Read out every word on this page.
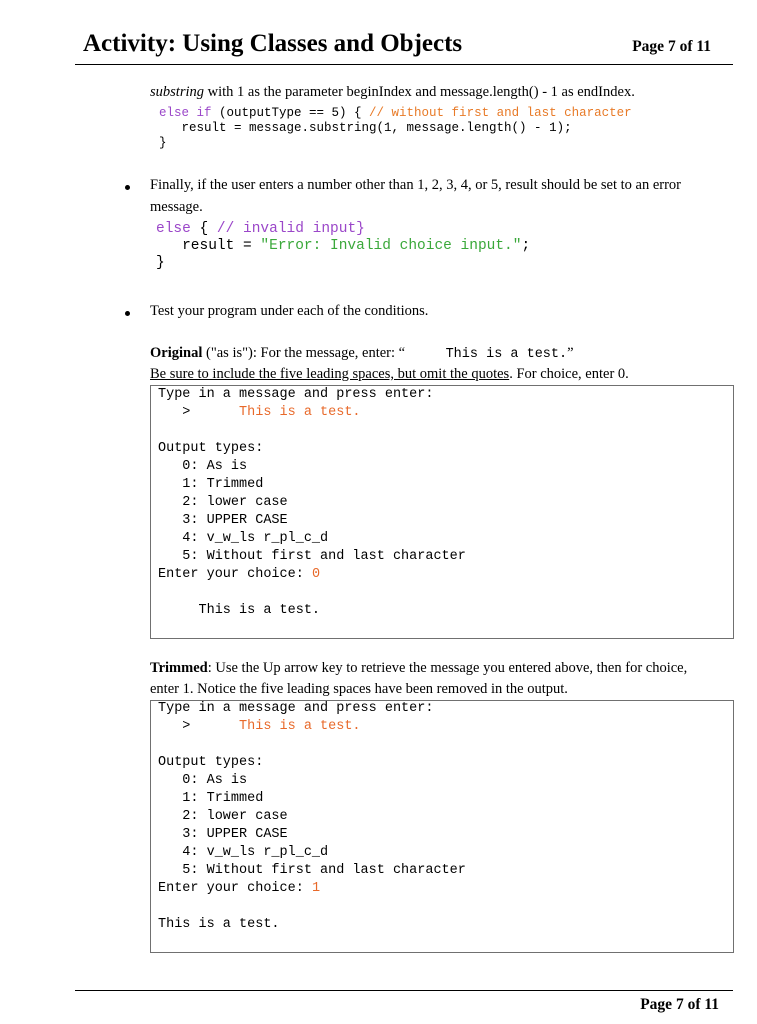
Activity: Using Classes and Objects	Page 7 of 11
substring with 1 as the parameter beginIndex and message.length() - 1 as endIndex.
else if (outputType == 5) { // without first and last character
result = message.substring(1, message.length() - 1);
}
Finally, if the user enters a number other than 1, 2, 3, 4, or 5, result should be set to an error
message.
else { // invalid input}
result = "Error: Invalid choice input.";
}
Test your program under each of the conditions.
Original ("as is"): For the message, enter: “     This is a test.”
Be sure to include the five leading spaces, but omit the quotes. For choice, enter 0.
Type in a message and press enter:
>      This is a test.
Output types:
0: As is
1: Trimmed
2: lower case
3: UPPER CASE
4: v_w_ls r_pl_c_d
5: Without first and last character
Enter your choice: 0
This is a test.
Trimmed: Use the Up arrow key to retrieve the message you entered above, then for choice,
enter 1. Notice the five leading spaces have been removed in the output.
Type in a message and press enter:
>      This is a test.
Output types:
0: As is
1: Trimmed
2: lower case
3: UPPER CASE
4: v_w_ls r_pl_c_d
5: Without first and last character
Enter your choice: 1
This is a test.
Page 7 of 11
